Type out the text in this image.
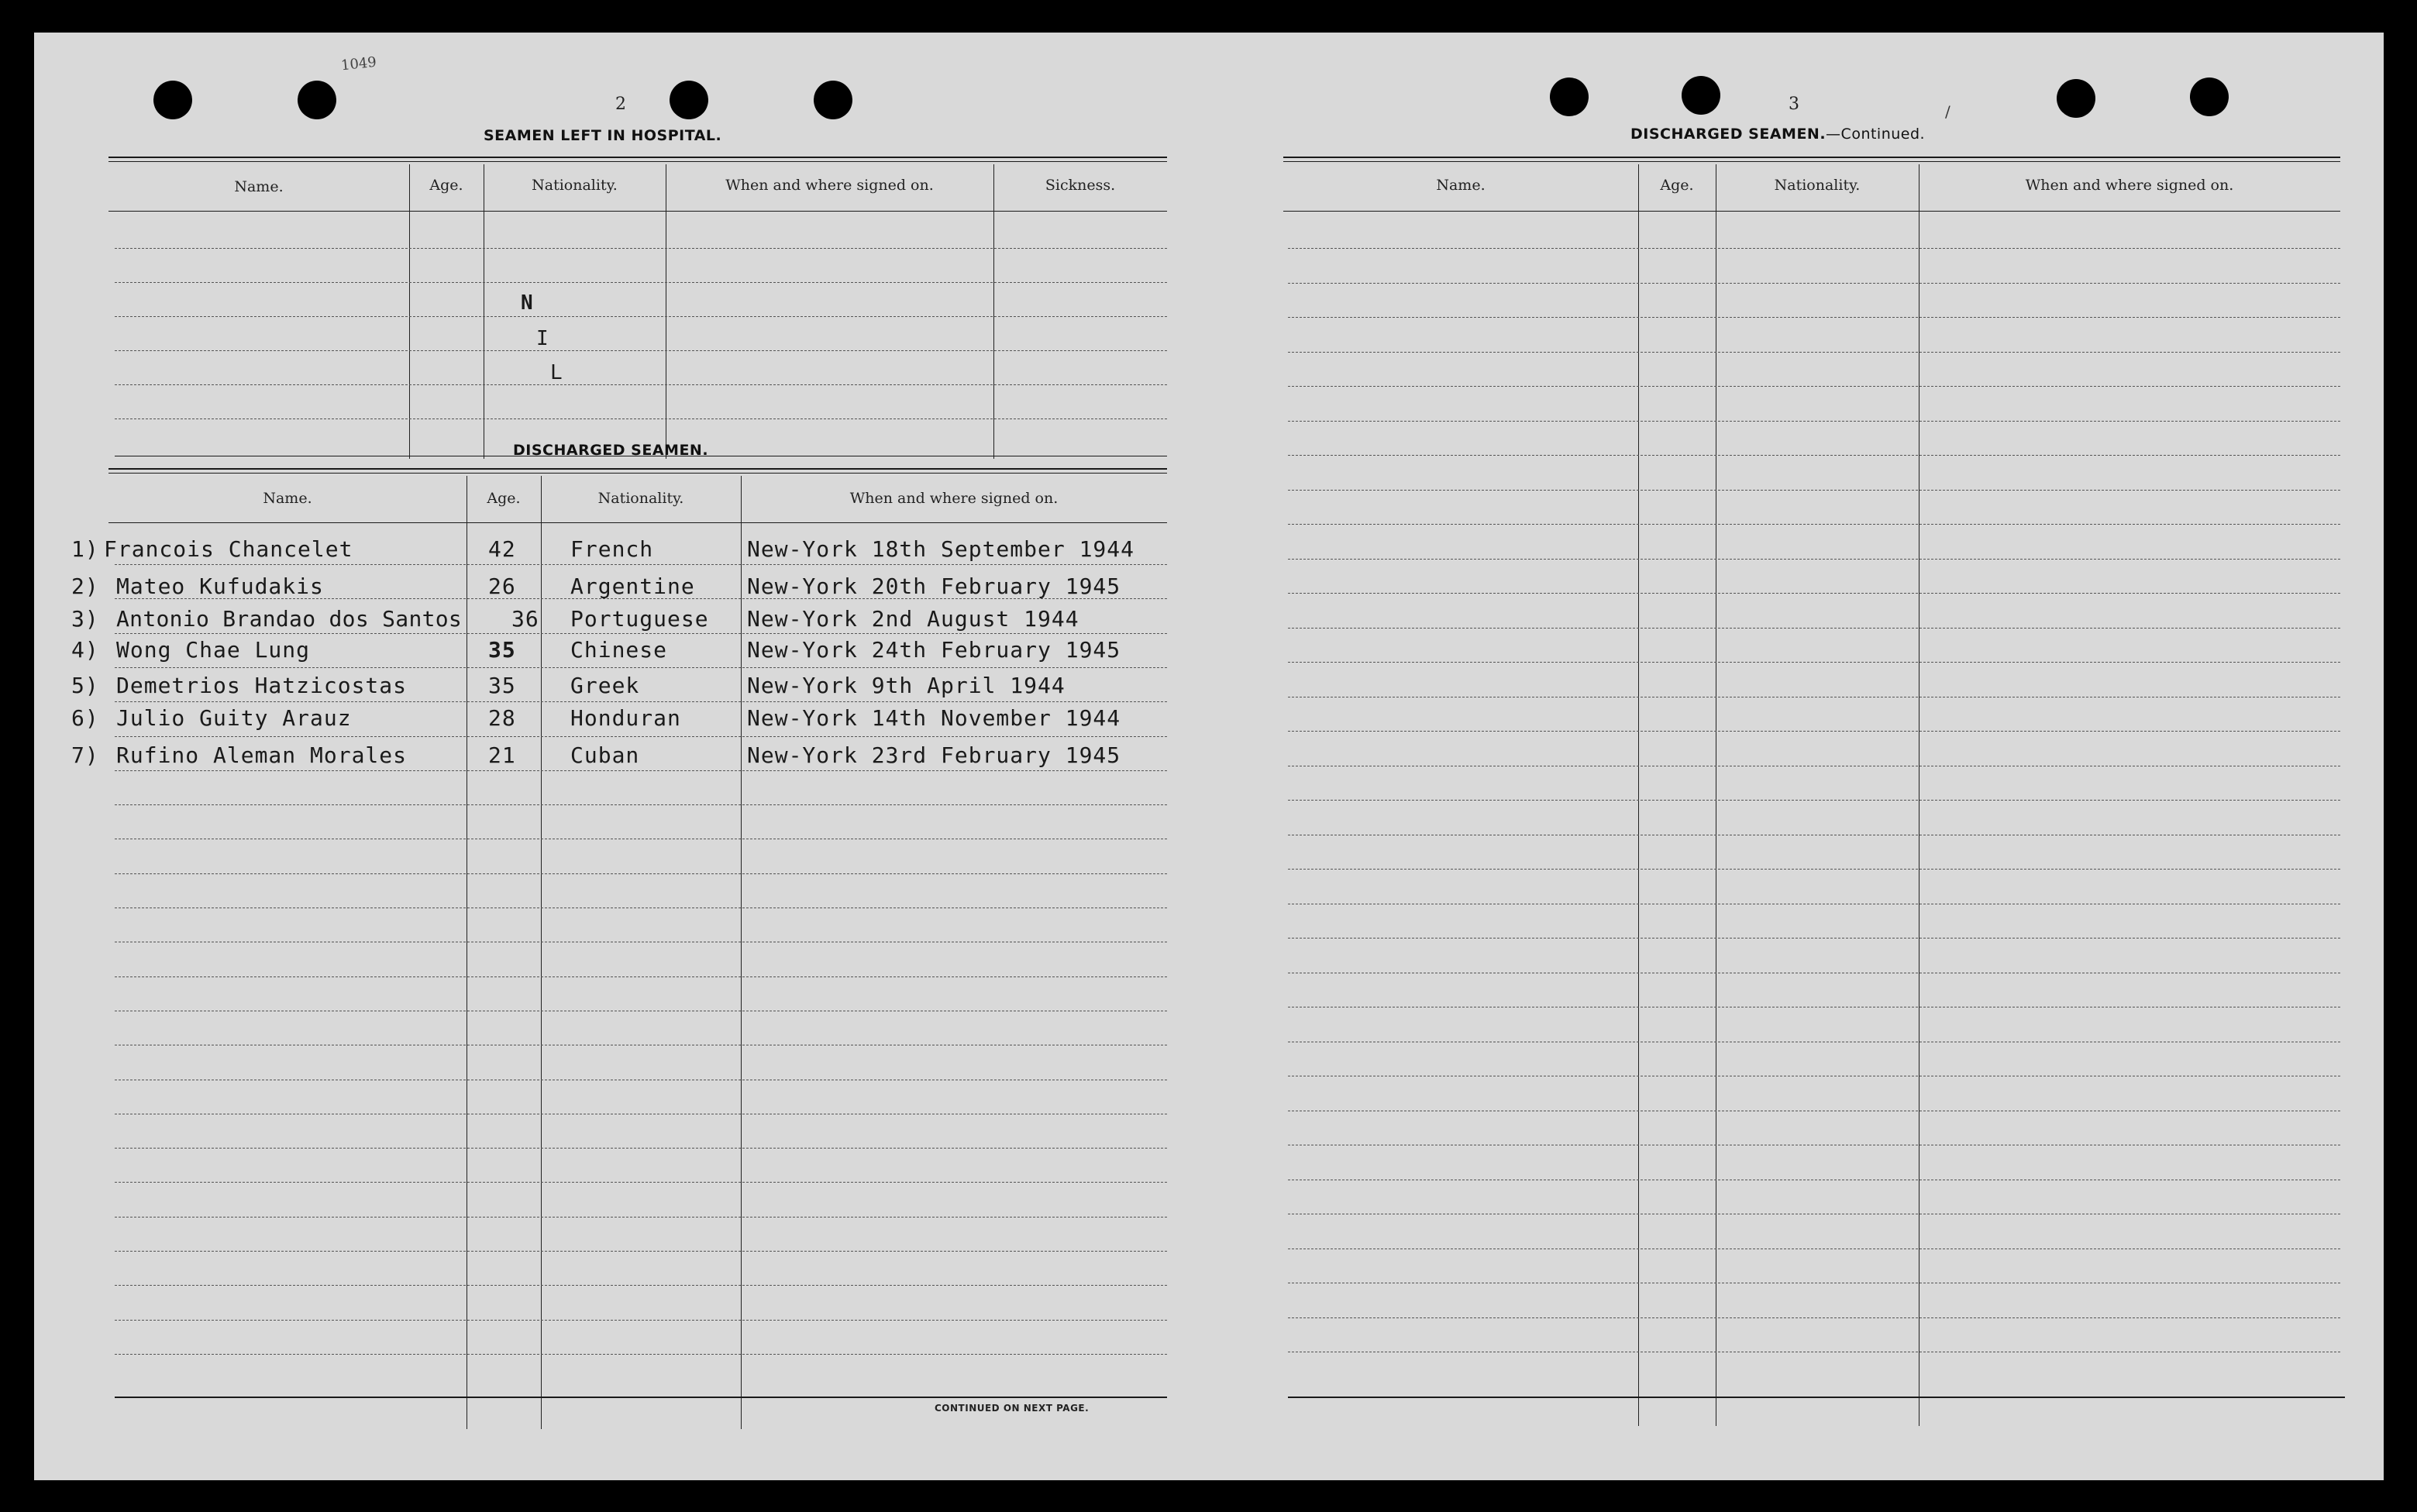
1049
2
SEAMEN LEFT IN HOSPITAL.
Name.	Age.	Nationality.	When and where signed on.	Sickness.
N
I
L
DISCHARGED SEAMEN.
Name.	Age.	Nationality.	When and where signed on.
1) Francois Chancelet	42	French	New-York 18th September 1944
2) Mateo Kufudakis	26	Argentine New-York 20th February 1945
3) Antonio Brandao dos Santos 36 Portuguese New-York 2nd August 1944
4) Wong Chae Lung	35	Chinese	New-York 24th February 1945
5) Demetrios Hatzicostas	35	Greek	New-York 9th April 1944
6) Julio Guity Arauz	28	Honduran	New-York 14th November 1944
7) Rufino Aleman Morales	21	Cuban	New-York 23rd February 1945
CONTINUED ON NEXT PAGE.
3	/
DISCHARGED SEAMEN.—Continued.
Name.	Age.	Nationality.	When and where signed on.
